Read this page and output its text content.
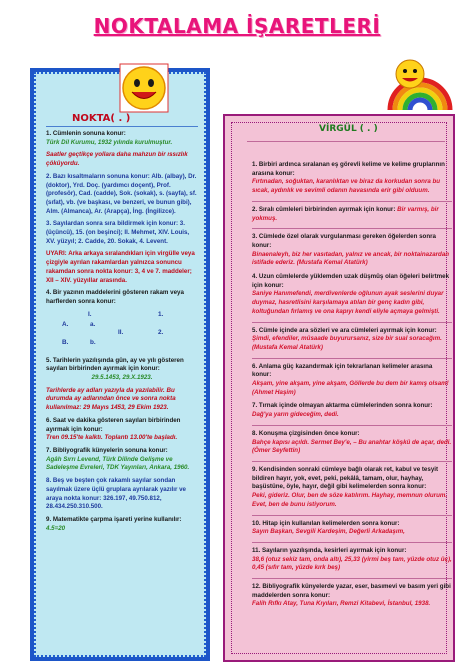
NOKTALAMA İŞARETLERİ
NOKTA( . )

1. Cümlenin sonuna konur:
Türk Dil Kurumu, 1932 yılında kurulmuştur.

Saatler geçtikçe yollara daha mahzun bir ıssızlık çöküyordu.

2. Bazı kısaltmaların sonuna konur: Alb. (albay), Dr. (doktor), Yrd. Doç. (yardımcı doçent), Prof. (profesör), Cad. (cadde), Sok. (sokak), s. (sayfa), sf. (sıfat), vb. (ve başkası, ve benzeri, ve bunun gibi), Alm. (Almanca), Ar. (Arapça), İng. (İngilizce).

3. Sayılardan sonra sıra bildirmek için konur: 3. (üçüncü), 15. (on beşinci); II. Mehmet, XIV. Louis, XV. yüzyıl; 2. Cadde, 20. Sokak, 4. Levent.

UYARI: Arka arkaya sıralandıkları için virgülle veya çizgiyle ayrılan rakamlardan yalnızca sonuncu rakamdan sonra nokta konur: 3, 4 ve 7. maddeler; XII – XIV. yüzyıllar arasında.

4. Bir yazının maddelerini gösteren rakam veya harflerden sonra konur:

I.	1.
A.	a.
II.	2.
B.	b.

5. Tarihlerin yazılışında gün, ay ve yılı gösteren sayıları birbirinden ayırmak için konur:

29.5.1453, 29.X.1923.

Tarihlerde ay adları yazıyla da yazılabilir. Bu durumda ay adlarından önce ve sonra nokta kullanılmaz: 29 Mayıs 1453, 29 Ekim 1923.

6. Saat ve dakika gösteren sayıları birbirinden ayırmak için konur:
Tren 09.15'te kalktı. Toplantı 13.00'te başladı.

7. Bibliyografik künyelerin sonuna konur:
Agâh Sırrı Levend, Türk Dilinde Gelişme ve Sadeleşme Evreleri, TDK Yayınları, Ankara, 1960.

8. Beş ve beşten çok rakamlı sayılar sondan sayılmak üzere üçlü gruplara ayrılarak yazılır ve araya nokta konur: 326.197, 49.750.812, 28.434.250.310.500.

9. Matematikte çarpma işareti yerine kullanılır:
4.5=20

VİRGÜL ( . )

1. Birbiri ardınca sıralanan eş görevli kelime ve kelime gruplarının arasına konur:
Fırtınadan, soğuktan, karanlıktan ve biraz da korkudan sonra bu sıcak, aydınlık ve sevimli odanın havasında erir gibi olduum.

2. Sıralı cümleleri birbirinden ayırmak için konur: Bir varmış, bir yokmuş.

3. Cümlede özel olarak vurgulanması gereken öğelerden sonra konur:
Binaenaleyh, biz her vasıtadan, yalnız ve ancak, bir noktainazardan istifade ederiz. (Mustafa Kemal Atatürk)

4. Uzun cümlelerde yüklemden uzak düşmüş olan öğeleri belirtmek için konur:
Saniye Hanımefendi, merdivenlerde oğlunun ayak seslerini duyar duymaz, hasretlisini karşılamaya atılan bir genç kadın gibi, koltuğundan fırlamış ve ona kapıyı kendi eliyle açmaya gelmişti.

5. Cümle içinde ara sözleri ve ara cümleleri ayırmak için konur:
Şimdi, efendiler, müsaade buyurursanız, size bir sual soracağım. (Mustafa Kemal Atatürk)

6. Anlama güç kazandırmak için tekrarlanan kelimeler arasına konur:
Akşam, yine akşam, yine akşam, Göllerde bu dem bir kamış olsam! (Ahmet Haşim)

7. Tırnak içinde olmayan aktarma cümlelerinden sonra konur:
Dağ'ya yarın gideceğim, dedi.

8. Konuşma çizgisinden önce konur:
Bahçe kapısı açıldı. Sermet Bey'e, – Bu anahtar köşkü de açar, dedi. (Ömer Seyfettin)

9. Kendisinden sonraki cümleye bağlı olarak ret, kabul ve tesyit bildiren hayır, yok, evet, peki, pekâlâ, tamam, olur, hayhay, başüstüne, öyle, hayır, değil gibi kelimelerden sonra konur:
Peki, gideriz. Olur, ben de söze katılırım. Hayhay, memnun olurum. Evet, ben de bunu istiyorum.

10. Hitap için kullanılan kelimelerden sonra konur:
Sayın Başkan, Sevgili Kardeşim, Değerli Arkadaşım,

11. Sayıların yazılışında, kesirleri ayırmak için konur:
38,6 (otuz sekiz tam, onda altı), 25,33 (yirmi beş tam, yüzde otuz üç), 0,45 (sıfır tam, yüzde kırk beş)

12. Bibliyografik künyelerde yazar, eser, basımevi ve basım yeri gibi maddelerden sonra konur:
Falih Rıfkı Atay, Tuna Kıyıları, Remzi Kitabevi, İstanbul, 1938.
